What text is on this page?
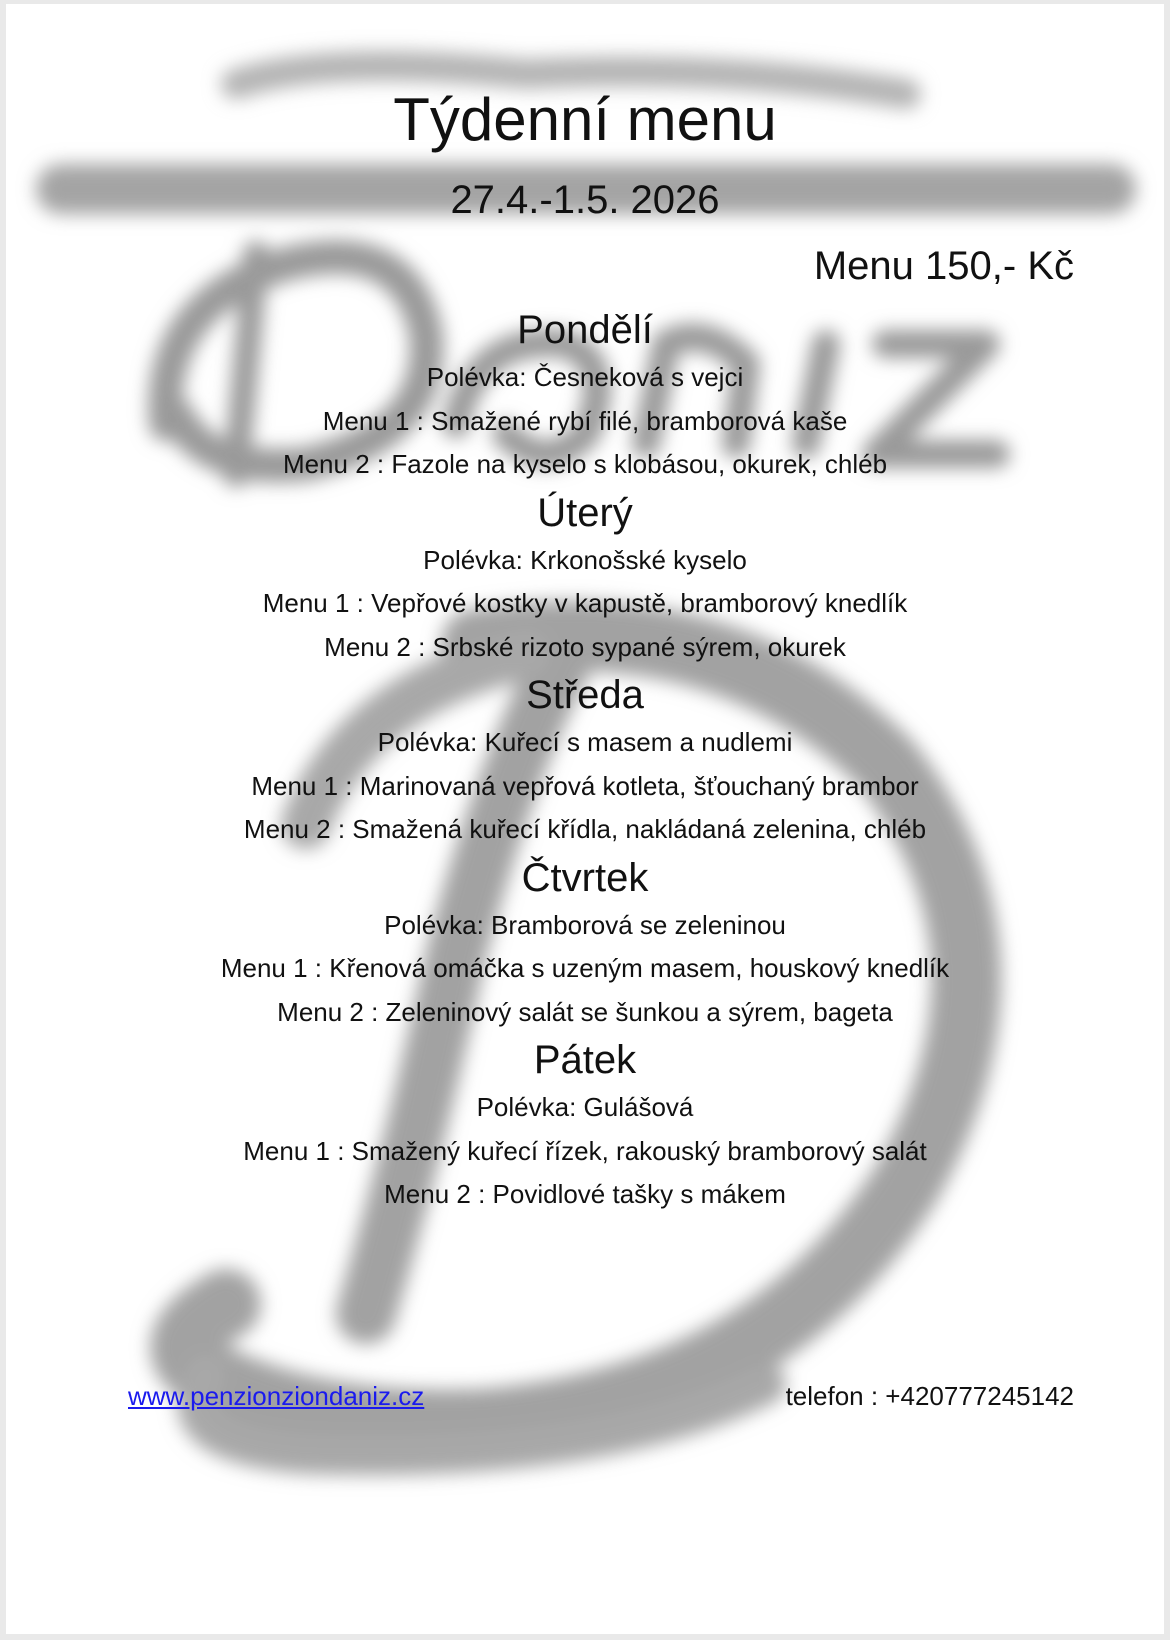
Týdenní menu
27.4.-1.5. 2026
Menu 150,- Kč
Pondělí
Polévka: Česneková s vejci
Menu 1 : Smažené rybí filé, bramborová kaše
Menu 2 : Fazole na kyselo s klobásou, okurek, chléb
Úterý
Polévka: Krkonošské kyselo
Menu 1 : Vepřové kostky v kapustě, bramborový knedlík
Menu 2 : Srbské rizoto sypané sýrem, okurek
Středa
Polévka: Kuřecí s masem a nudlemi
Menu 1 : Marinovaná vepřová kotleta, šťouchaný brambor
Menu 2 : Smažená kuřecí křídla, nakládaná zelenina, chléb
Čtvrtek
Polévka: Bramborová se zeleninou
Menu 1 : Křenová omáčka s uzeným masem, houskový knedlík
Menu 2 : Zeleninový salát se šunkou a sýrem, bageta
Pátek
Polévka: Gulášová
Menu 1 : Smažený kuřecí řízek, rakouský bramborový salát
Menu 2 : Povidlové tašky s mákem
www.penzionziondaniz.cz	telefon : +420777245142
